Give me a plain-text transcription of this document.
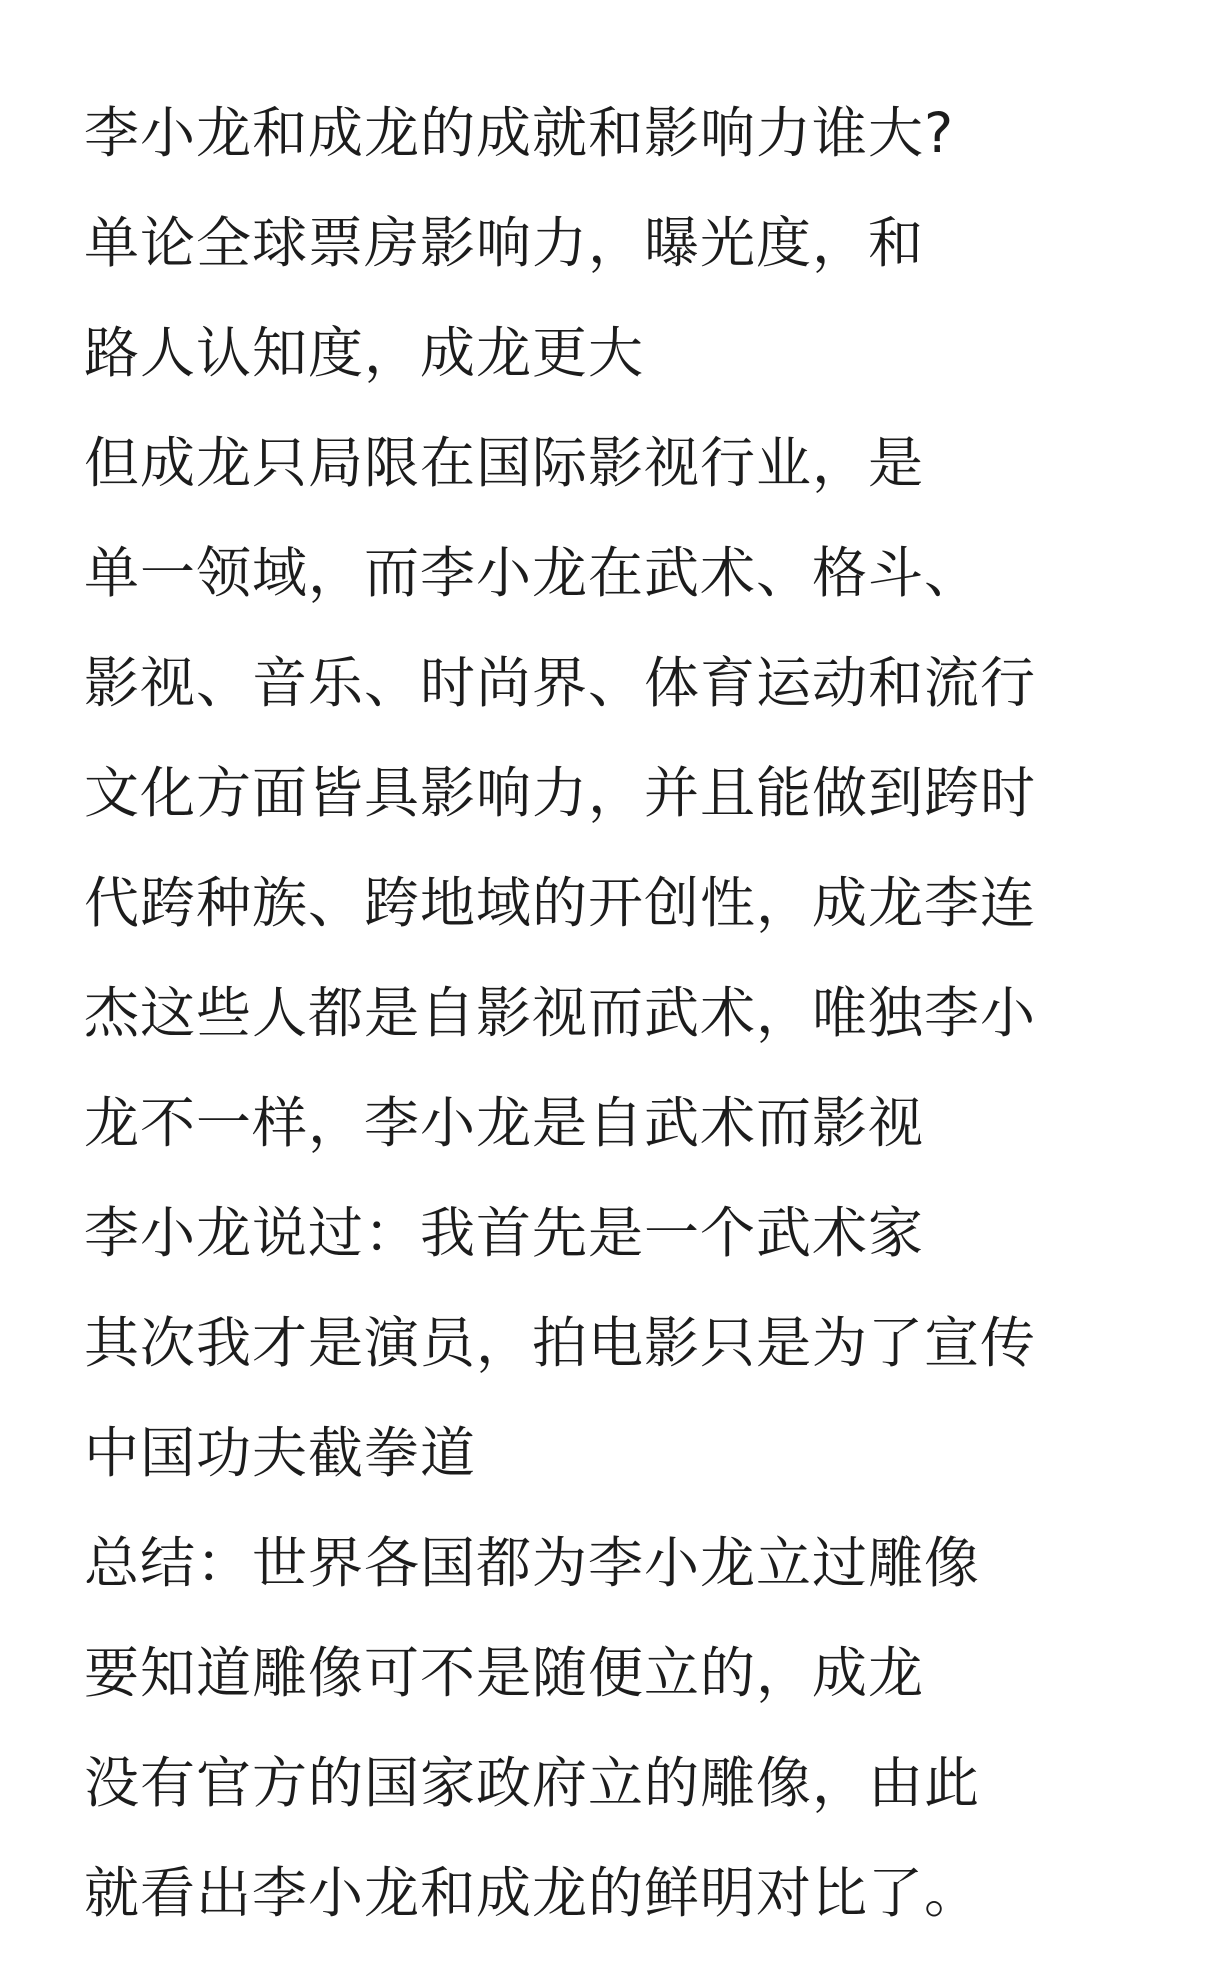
李小龙和成龙的成就和影响力谁大?
单论全球票房影响力，曝光度，和
路人认知度，成龙更大
但成龙只局限在国际影视行业，是
单一领域，而李小龙在武术、格斗、
影视、音乐、时尚界、体育运动和流行
文化方面皆具影响力，并且能做到跨时
代跨种族、跨地域的开创性，成龙李连
杰这些人都是自影视而武术，唯独李小
龙不一样，李小龙是自武术而影视
李小龙说过：我首先是一个武术家
其次我才是演员，拍电影只是为了宣传
中国功夫截拳道
总结：世界各国都为李小龙立过雕像
要知道雕像可不是随便立的，成龙
没有官方的国家政府立的雕像，由此
就看出李小龙和成龙的鲜明对比了。
